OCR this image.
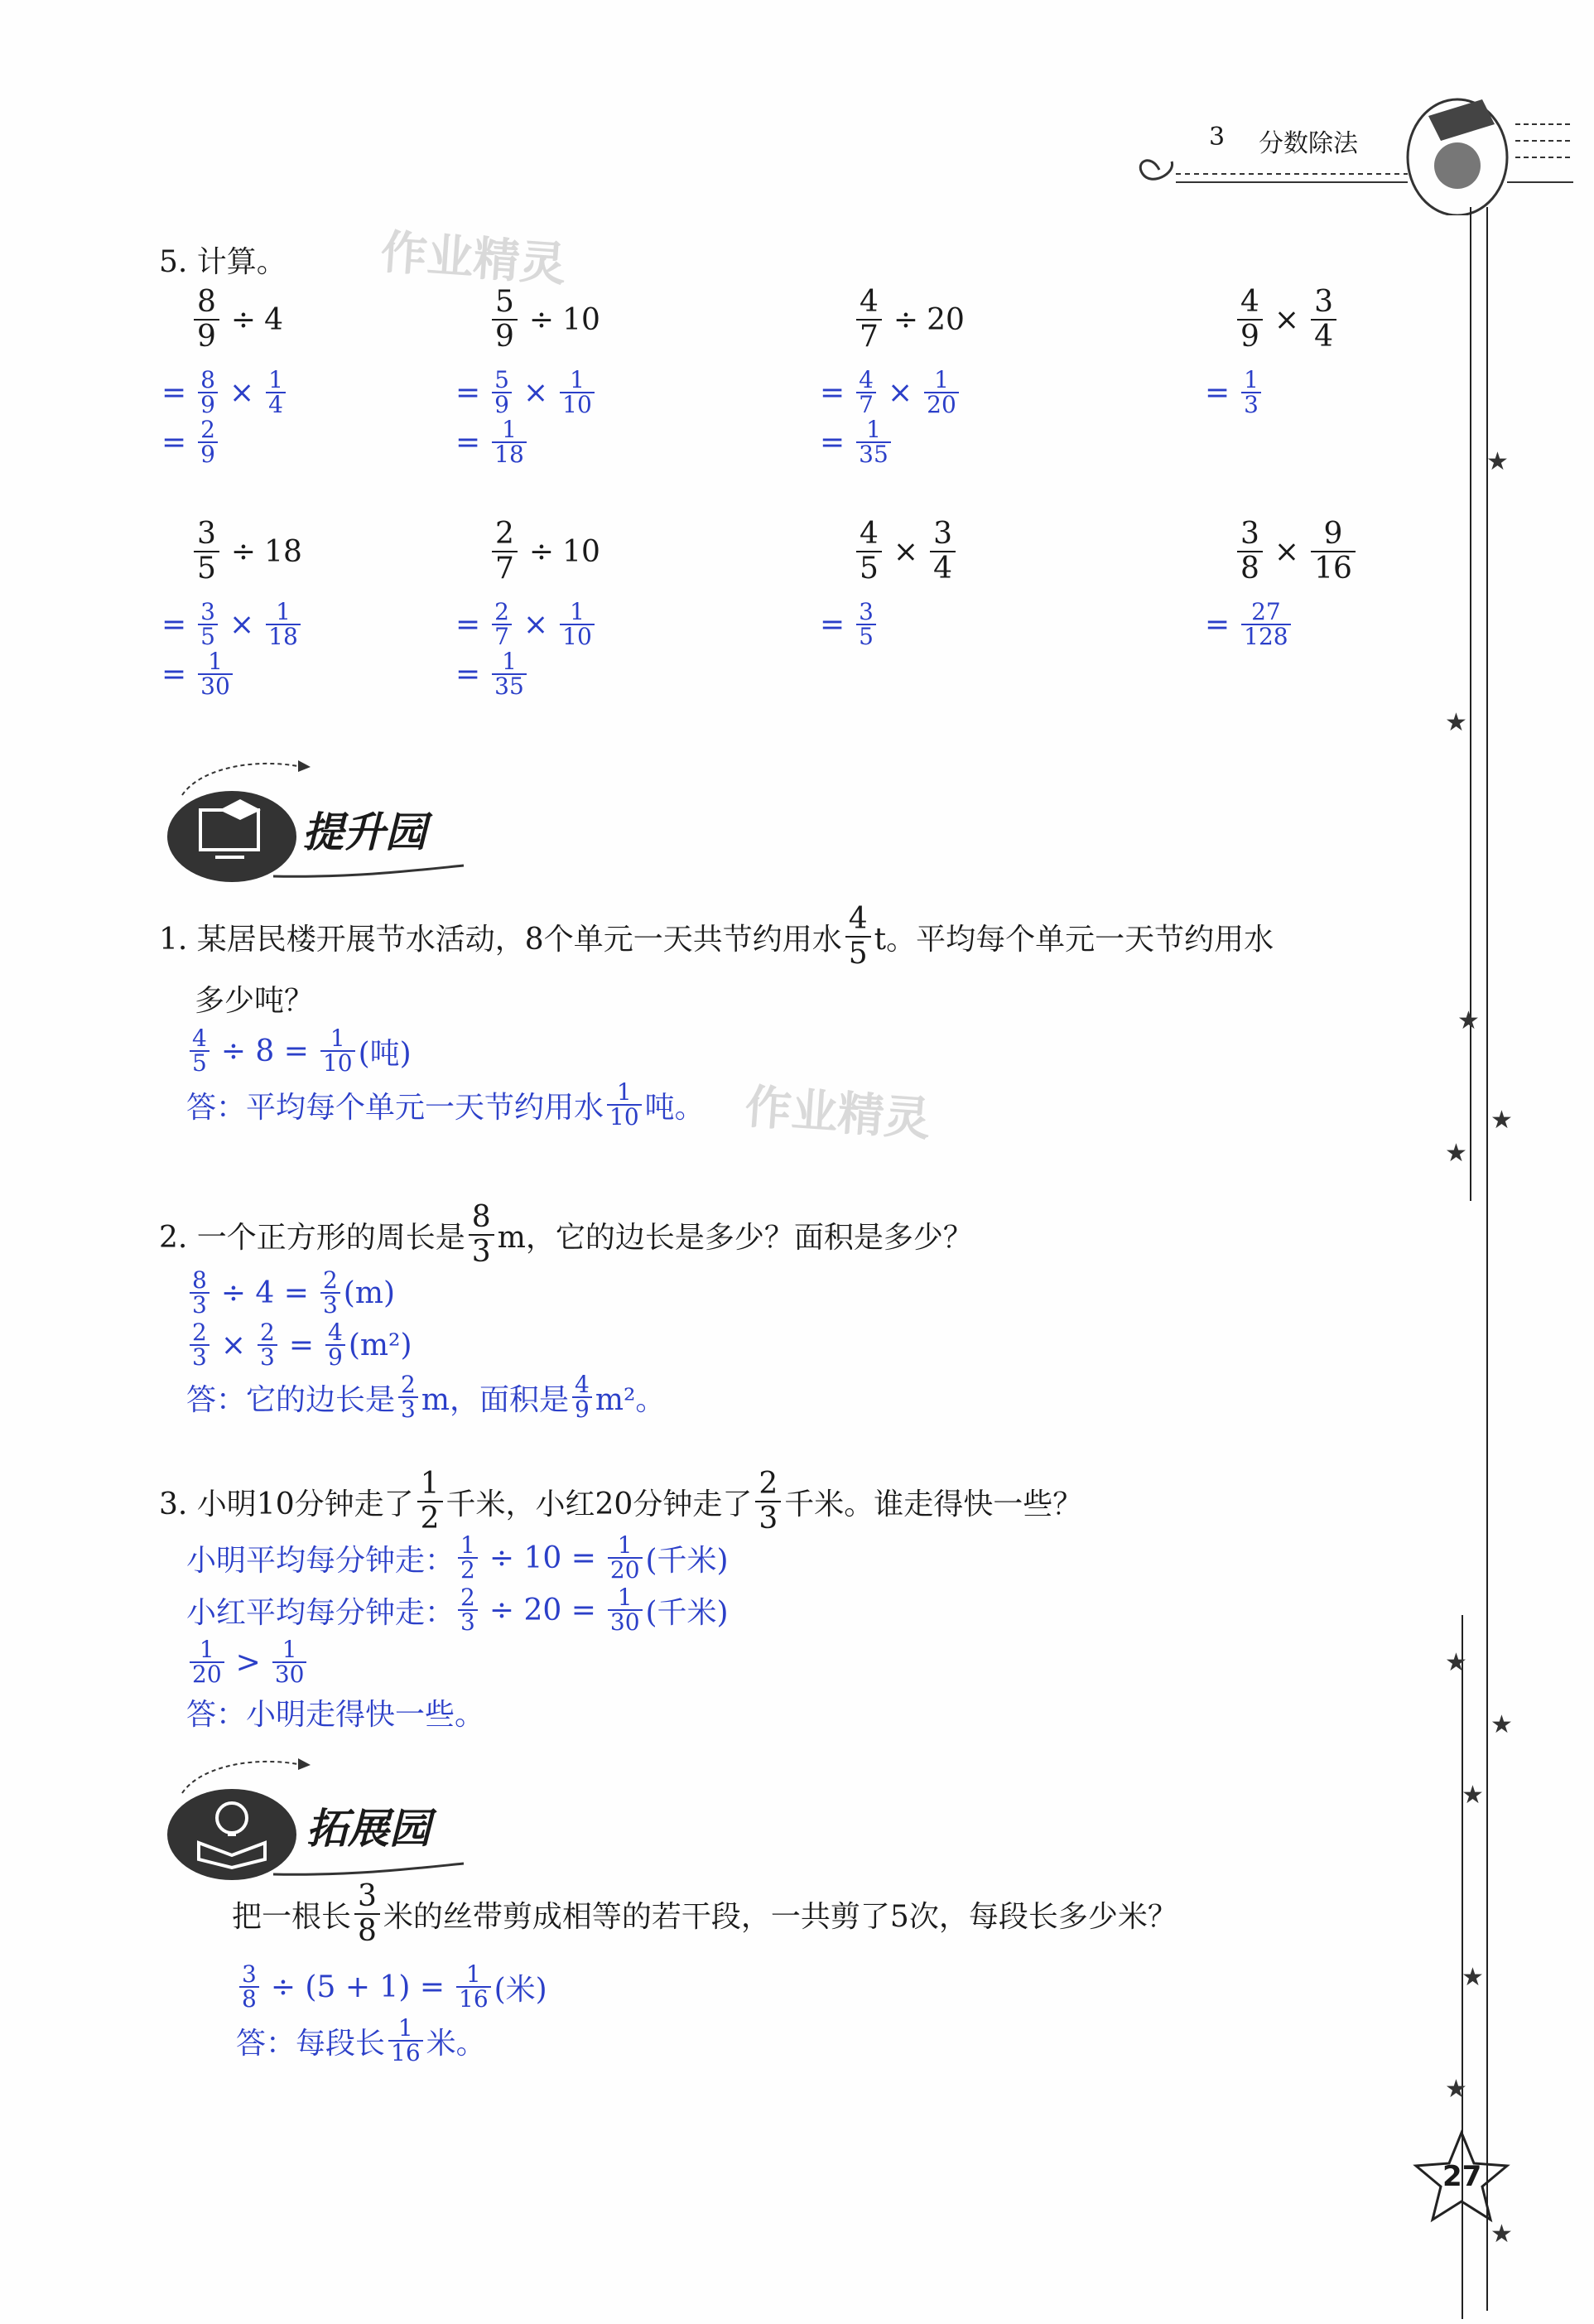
3 分数除法
★
★
★
★
★
★
★
★
★
★
★
作业精灵
作业精灵
5. 计算。
$\frac{8}{9} \div 4$
= $\frac{8}{9} \times \frac{1}{4}$
= $\frac{2}{9}$
$\frac{5}{9} \div 10$
= $\frac{5}{9} \times \frac{1}{10}$
= $\frac{1}{18}$
$\frac{4}{7} \div 20$
= $\frac{4}{7} \times \frac{1}{20}$
= $\frac{1}{35}$
$\frac{4}{9} \times \frac{3}{4}$
= $\frac{1}{3}$
$\frac{3}{5} \div 18$
= $\frac{3}{5} \times \frac{1}{18}$
= $\frac{1}{30}$
$\frac{2}{7} \div 10$
= $\frac{2}{7} \times \frac{1}{10}$
= $\frac{1}{35}$
$\frac{4}{5} \times \frac{3}{4}$
= $\frac{3}{5}$
$\frac{3}{8} \times \frac{9}{16}$
= $\frac{27}{128}$
提升园
1. 某居民楼开展节水活动，8个单元一天共节约用水 $\frac{4}{5}$ t。平均每个单元一天节约用水
多少吨？
$\frac{4}{5} \div 8 = \frac{1}{10}$ (吨)
答：平均每个单元一天节约用水 $\frac{1}{10}$ 吨。
2. 一个正方形的周长是 $\frac{8}{3}$ m，它的边长是多少？面积是多少？
$\frac{8}{3} \div 4 = \frac{2}{3} (m)$
$\frac{2}{3} \times \frac{2}{3} = \frac{4}{9} (m^2)$
答：它的边长是 $\frac{2}{3}$ m，面积是 $\frac{4}{9} m^2$。
3. 小明10分钟走了 $\frac{1}{2}$ 千米，小红20分钟走了 $\frac{2}{3}$ 千米。谁走得快一些？
小明平均每分钟走： $\frac{1}{2} \div 10 = \frac{1}{20}$ (千米)
小红平均每分钟走： $\frac{2}{3} \div 20 = \frac{1}{30}$ (千米)
$\frac{1}{20} > \frac{1}{30}$
答：小明走得快一些。
拓展园
把一根长 $\frac{3}{8}$ 米的丝带剪成相等的若干段，一共剪了5次，每段长多少米？
$\frac{3}{8} \div (5 + 1) = \frac{1}{16}$ (米)
答：每段长 $\frac{1}{16}$ 米。
27
